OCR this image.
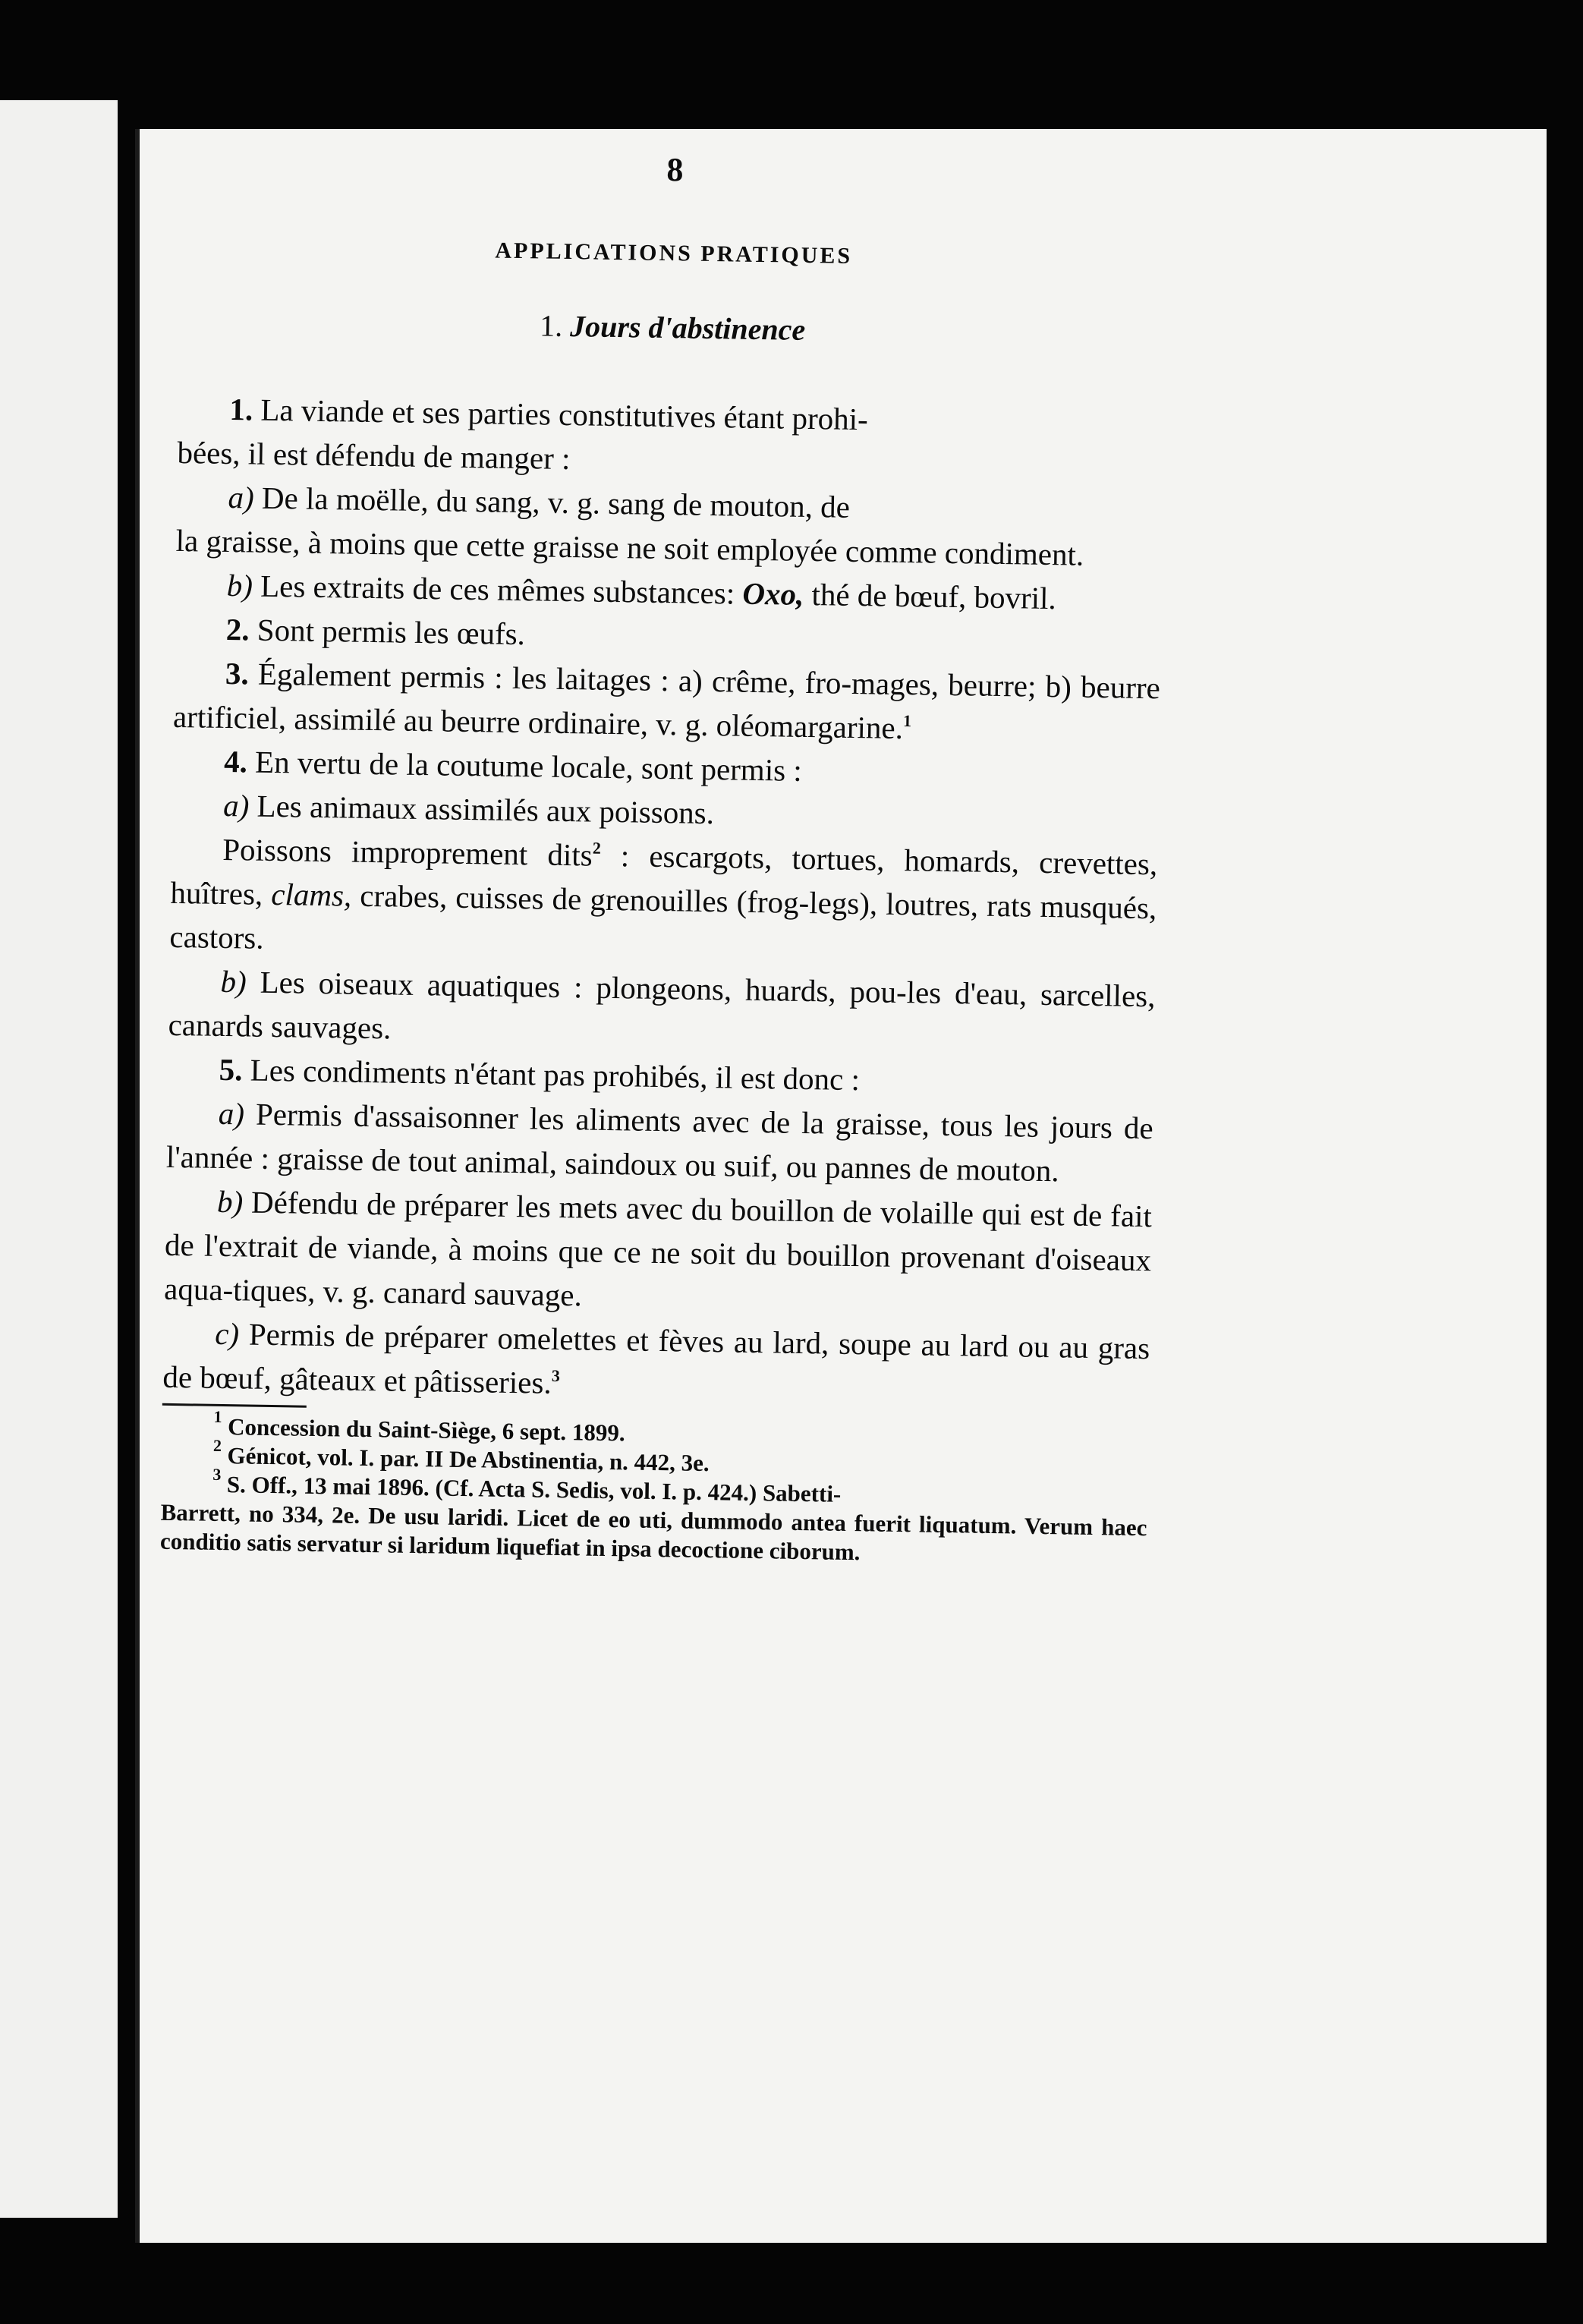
8
APPLICATIONS PRATIQUES
1. Jours d'abstinence

1. La viande et ses parties constitutives étant prohi-

bées, il est défendu de manger :

a) De la moëlle, du sang, v. g. sang de mouton, de

la graisse, à moins que cette graisse ne soit employée comme condiment.

b) Les extraits de ces mêmes substances: Oxo, thé de bœuf, bovril.

2. Sont permis les œufs.

3. Également permis : les laitages : a) crême, fro-mages, beurre; b) beurre artificiel, assimilé au beurre ordinaire, v. g. oléomargarine.$^1$

4. En vertu de la coutume locale, sont permis :

a) Les animaux assimilés aux poissons.

Poissons improprement dits$^2$ : escargots, tortues, homards, crevettes, huîtres, clams, crabes, cuisses de grenouilles (frog-legs), loutres, rats musqués, castors.

b) Les oiseaux aquatiques : plongeons, huards, pou-les d'eau, sarcelles, canards sauvages.

5. Les condiments n'étant pas prohibés, il est donc :

a) Permis d'assaisonner les aliments avec de la graisse, tous les jours de l'année : graisse de tout animal, saindoux ou suif, ou pannes de mouton.

b) Défendu de préparer les mets avec du bouillon de volaille qui est de fait de l'extrait de viande, à moins que ce ne soit du bouillon provenant d'oiseaux aqua-tiques, v. g. canard sauvage.

c) Permis de préparer omelettes et fèves au lard, soupe au lard ou au gras de bœuf, gâteaux et pâtisseries.$^3$

$^1$ Concession du Saint-Siège, 6 sept. 1899.

$^2$ Génicot, vol. I. par. II De Abstinentia, n. 442, 3e.

$^3$ S. Off., 13 mai 1896. (Cf. Acta S. Sedis, vol. I. p. 424.) Sabetti-

Barrett, no 334, 2e. De usu laridi. Licet de eo uti, dummodo antea fuerit liquatum. Verum haec conditio satis servatur si laridum liquefiat in ipsa decoctione ciborum.
